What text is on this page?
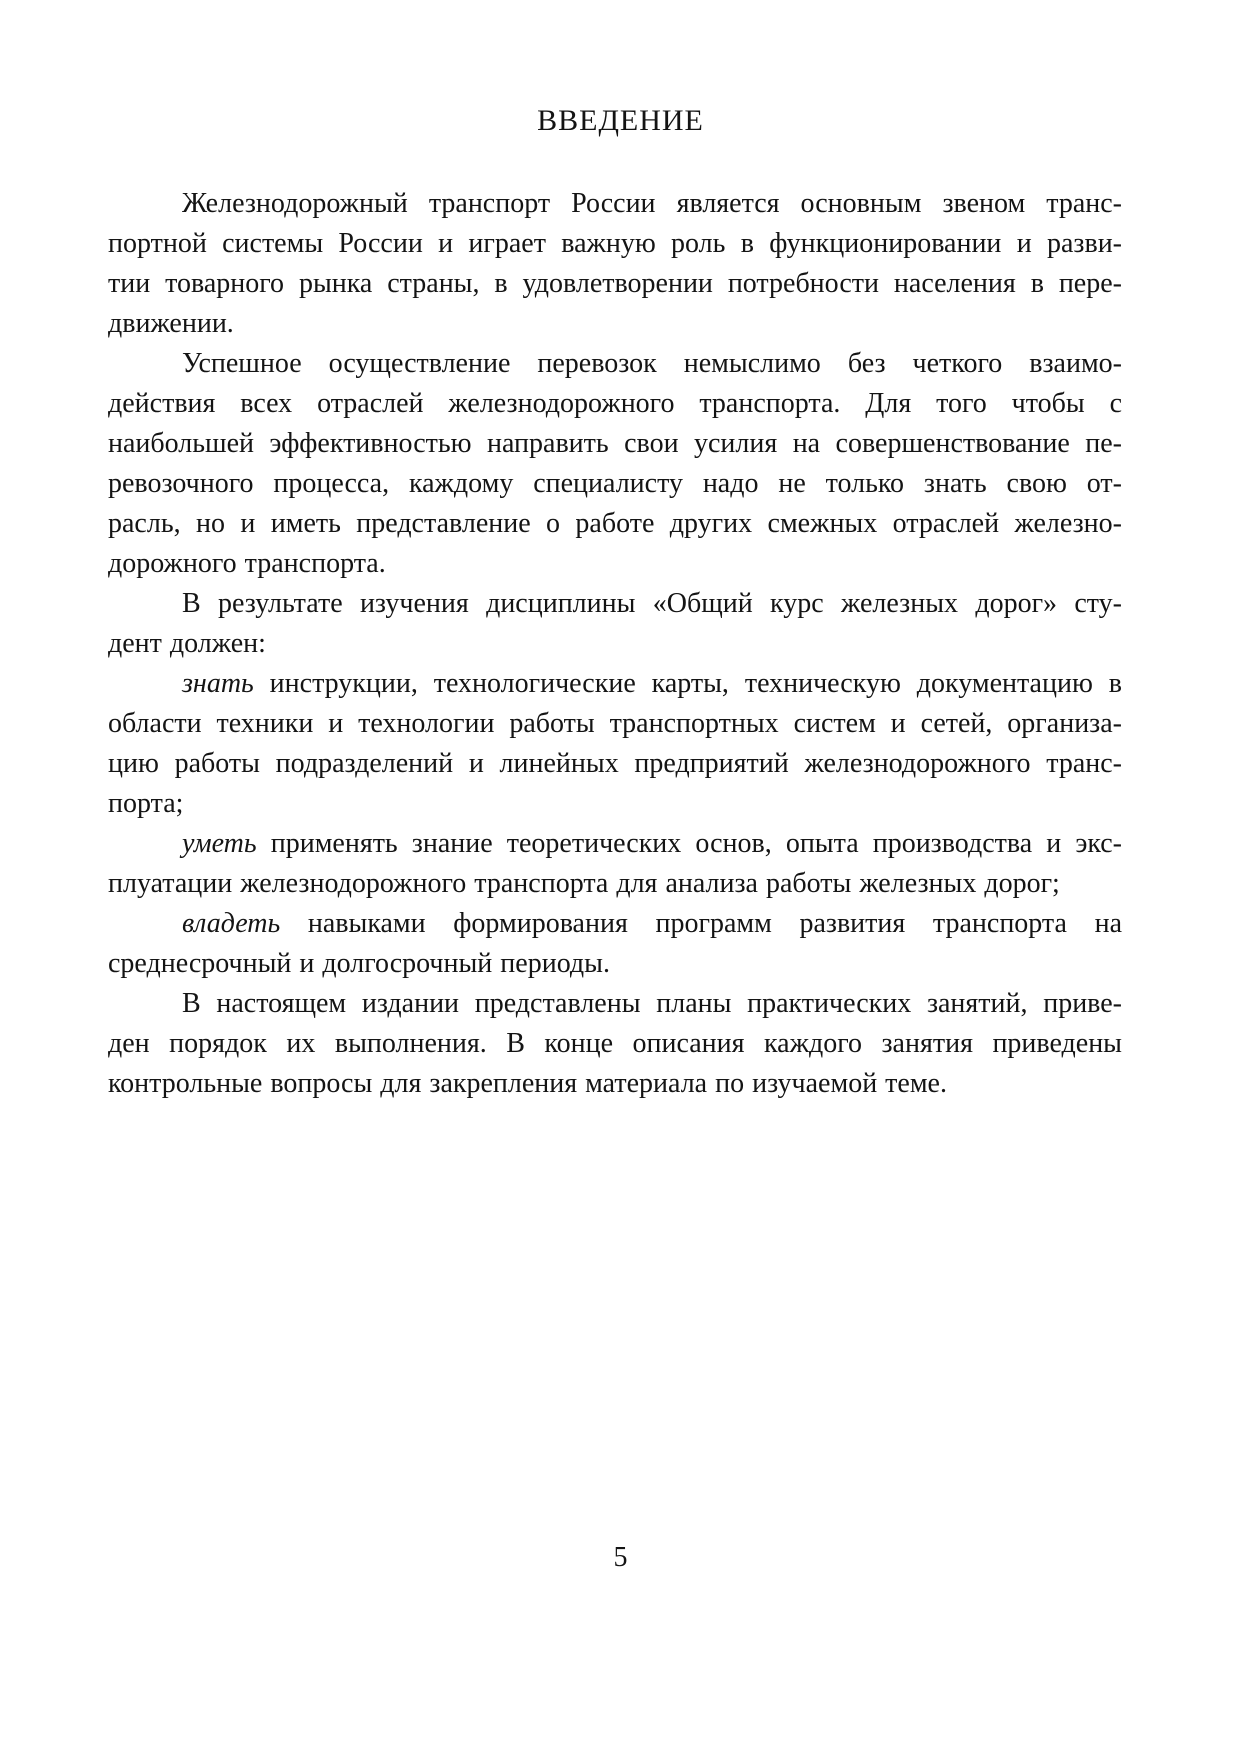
ВВЕДЕНИЕ
Железнодорожный транспорт России является основным звеном транс-
портной системы России и играет важную роль в функционировании и разви-
тии товарного рынка страны, в удовлетворении потребности населения в пере-
движении.
Успешное осуществление перевозок немыслимо без четкого взаимо-
действия всех отраслей железнодорожного транспорта. Для того чтобы с
наибольшей эффективностью направить свои усилия на совершенствование пе-
ревозочного процесса, каждому специалисту надо не только знать свою от-
расль, но и иметь представление о работе других смежных отраслей железно-
дорожного транспорта.
В результате изучения дисциплины «Общий курс железных дорог» сту-
дент должен:
знать инструкции, технологические карты, техническую документацию в
области техники и технологии работы транспортных систем и сетей, организа-
цию работы подразделений и линейных предприятий железнодорожного транс-
порта;
уметь применять знание теоретических основ, опыта производства и экс-
плуатации железнодорожного транспорта для анализа работы железных дорог;
владеть навыками формирования программ развития транспорта на
среднесрочный и долгосрочный периоды.
В настоящем издании представлены планы практических занятий, приве-
ден порядок их выполнения. В конце описания каждого занятия приведены
контрольные вопросы для закрепления материала по изучаемой теме.
5
